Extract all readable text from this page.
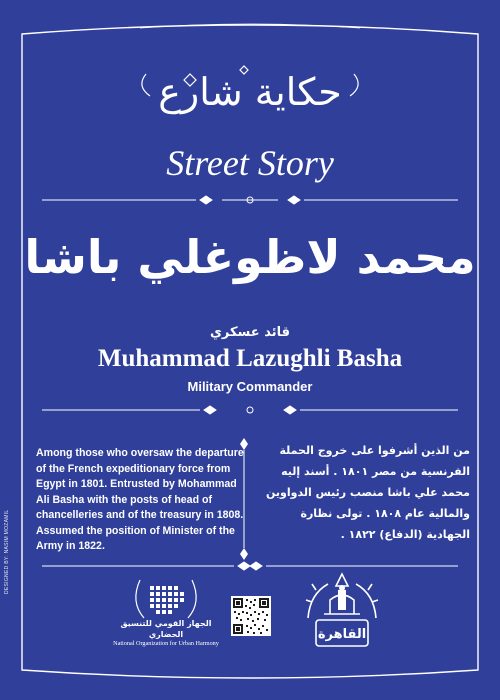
حكاية شارع
Street Story
محمد لاظوغلي باشا
قائد عسكري
Muhammad Lazughli Basha
Military Commander

Among those who oversaw the departure of the French expeditionary force from Egypt in 1801. Entrusted by Mohammad Ali Basha with the posts of head of chancelleries and of the treasury in 1808. Assumed the position of Minister of the Army in 1822.

من الذين أشرفوا على خروج الحملة الفرنسية من مصر ١٨٠١ . أسند إليه محمد علي باشا منصب رئيس الدواوين والمالية عام ١٨٠٨ . تولى نظارة الجهادية (الدفاع) ١٨٢٢ .

DESIGNED BY: NASIM MOZAMIL
الجهاز القومي للتنسيق الحضاري
National Organization for Urban Harmony
القاهرة
